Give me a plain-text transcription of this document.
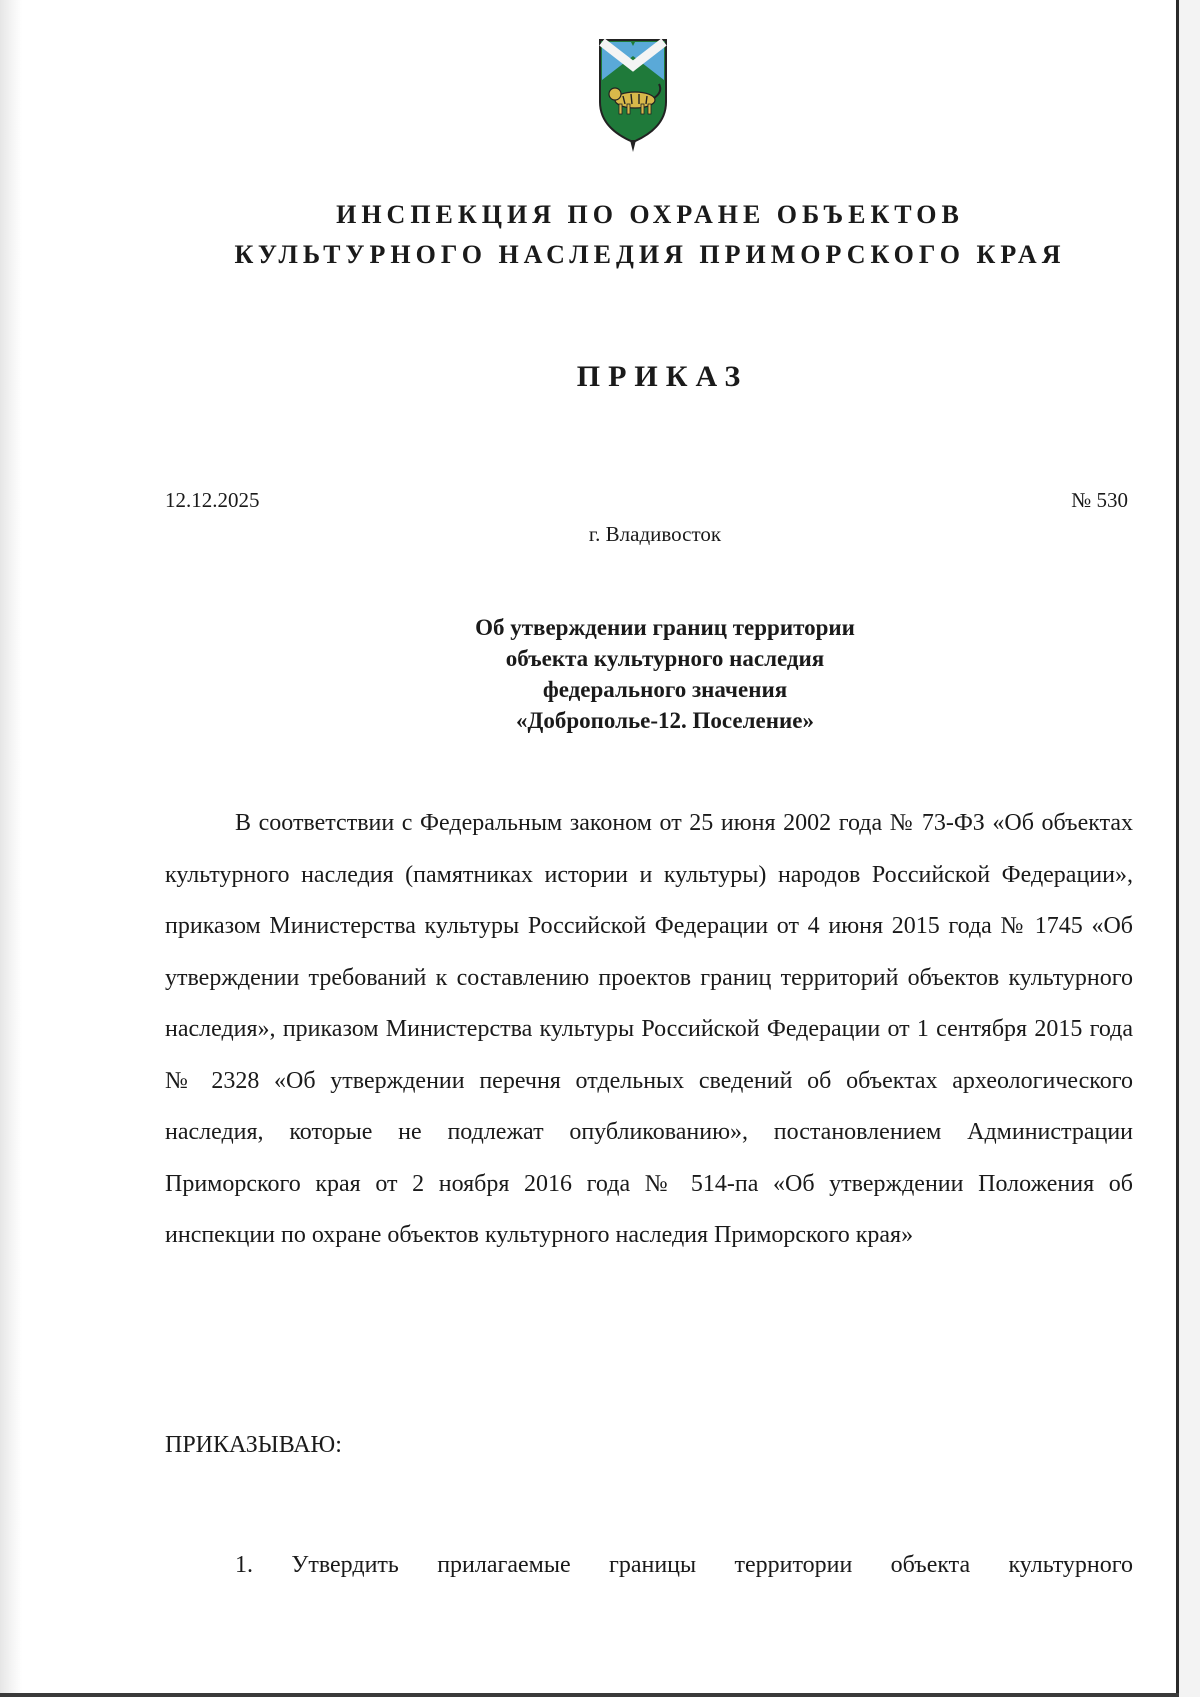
ИНСПЕКЦИЯ ПО ОХРАНЕ ОБЪЕКТОВ
КУЛЬТУРНОГО НАСЛЕДИЯ ПРИМОРСКОГО КРАЯ
ПРИКАЗ
12.12.2025	№ 530
г. Владивосток
Об утверждении границ территории
объекта культурного наследия
федерального значения
«Доброполье-12. Поселение»

В соответствии с Федеральным законом от 25 июня 2002 года № 73-ФЗ «Об объектах культурного наследия (памятниках истории и культуры) народов Российской Федерации», приказом Министерства культуры Российской Федерации от 4 июня 2015 года № 1745 «Об утверждении требований к составлению проектов границ территорий объектов культурного наследия», приказом Министерства культуры Российской Федерации от 1 сентября 2015 года № 2328 «Об утверждении перечня отдельных сведений об объектах археологического наследия, которые не подлежат опубликованию», постановлением Администрации Приморского края от 2 ноября 2016 года № 514-па «Об утверждении Положения об инспекции по охране объектов культурного наследия Приморского края»

ПРИКАЗЫВАЮ:
1. Утвердить прилагаемые границы территории объекта культурного
